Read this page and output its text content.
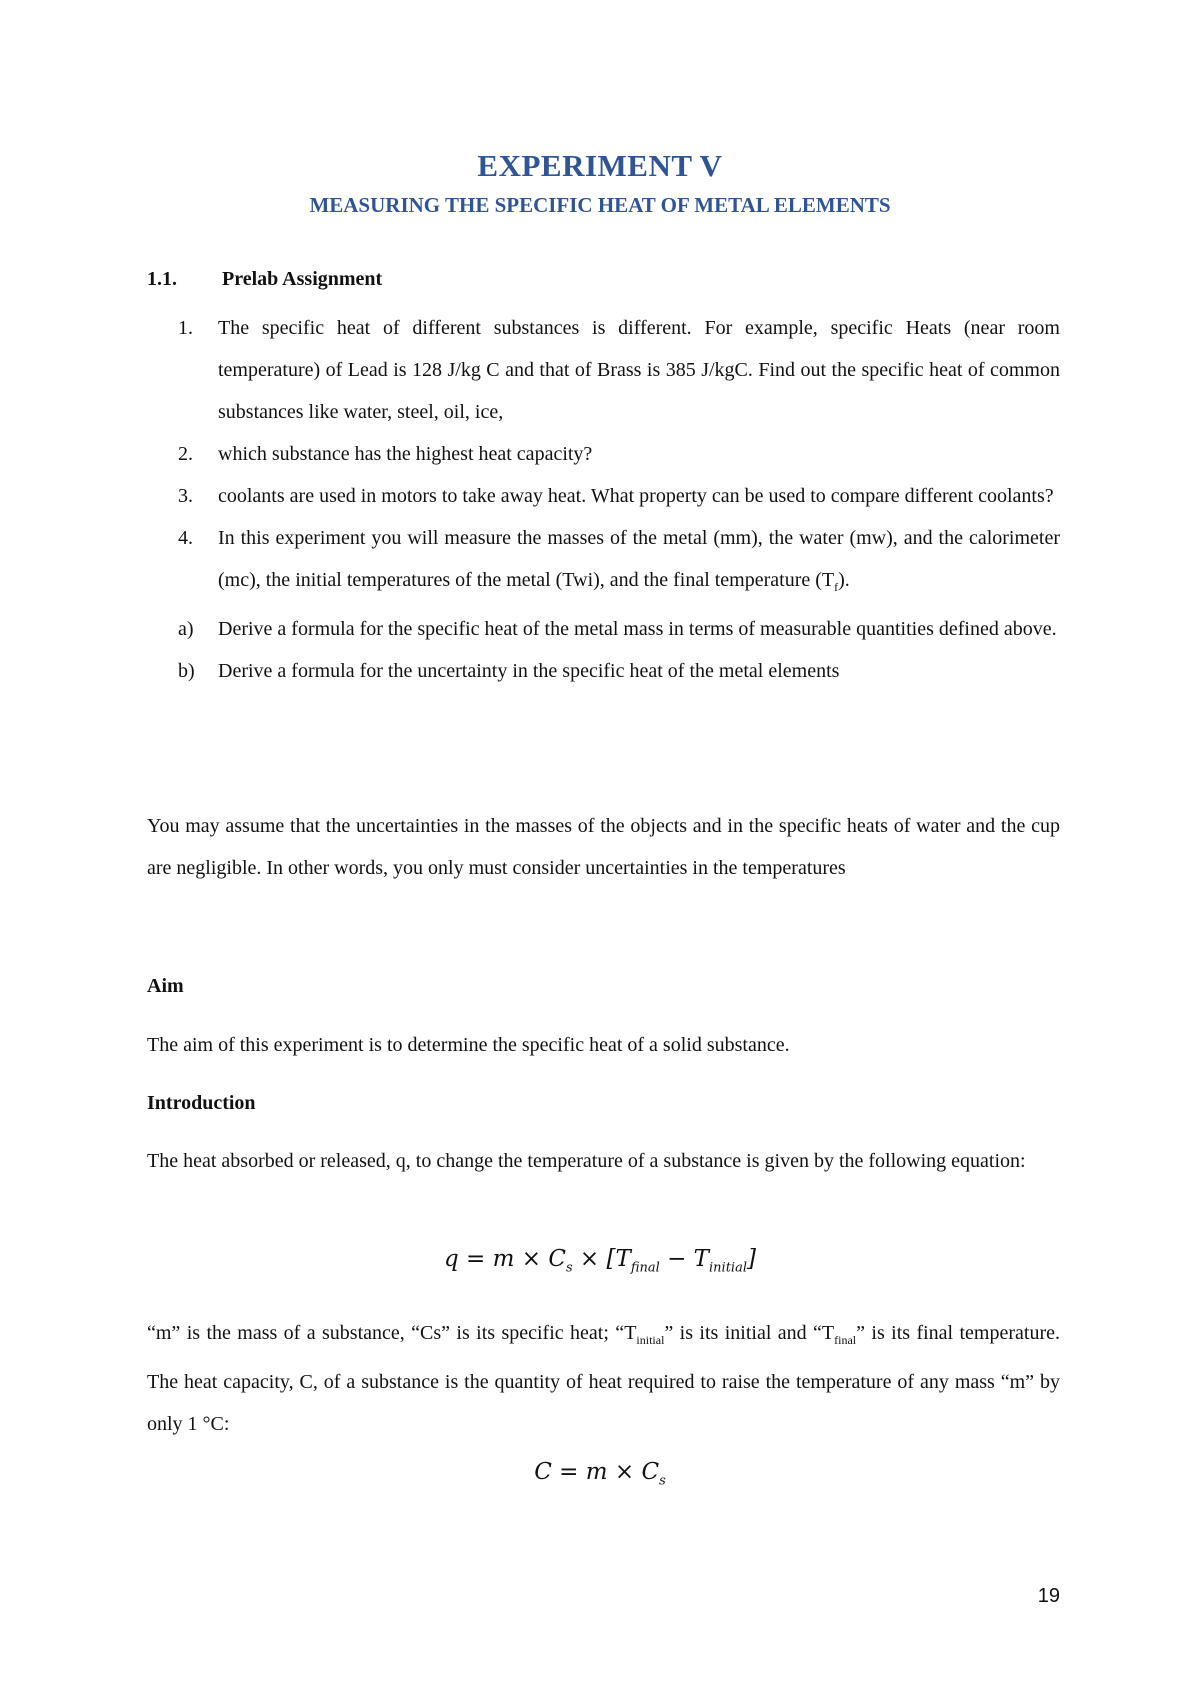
EXPERIMENT V
MEASURING THE SPECIFIC HEAT OF METAL ELEMENTS
1.1. Prelab Assignment
1. The specific heat of different substances is different. For example, specific Heats (near room temperature) of Lead is 128 J/kg C and that of Brass is 385 J/kgC. Find out the specific heat of common substances like water, steel, oil, ice,
2. which substance has the highest heat capacity?
3. coolants are used in motors to take away heat. What property can be used to compare different coolants?
4. In this experiment you will measure the masses of the metal (mm), the water (mw), and the calorimeter (mc), the initial temperatures of the metal (Twi), and the final temperature $(T_f)$.
a) Derive a formula for the specific heat of the metal mass in terms of measurable quantities defined above.
b) Derive a formula for the uncertainty in the specific heat of the metal elements

You may assume that the uncertainties in the masses of the objects and in the specific heats of water and the cup are negligible. In other words, you only must consider uncertainties in the temperatures

Aim

The aim of this experiment is to determine the specific heat of a solid substance.

Introduction

The heat absorbed or released, q, to change the temperature of a substance is given by the following equation:

$q = m \times C_s \times [T_{final} - T_{initial}]$

“m” is the mass of a substance, “Cs” is its specific heat; “$T_{initial}$” is its initial and “$T_{final}$” is its final temperature. The heat capacity, C, of a substance is the quantity of heat required to raise the temperature of any mass “m” by only 1 °C:

$C = m \times C_s$
19
